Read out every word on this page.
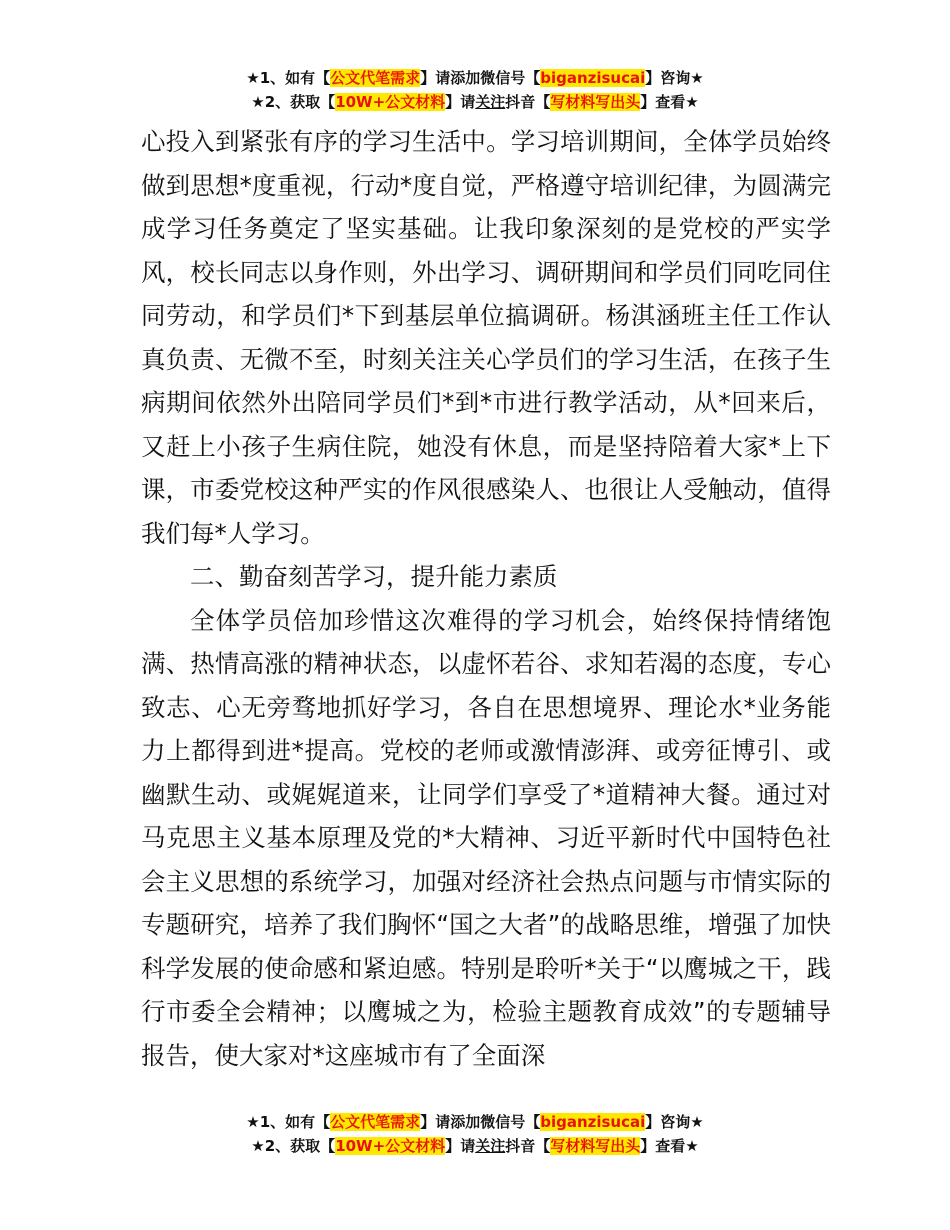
★1、如有【公文代笔需求】请添加微信号【biganzisucai】咨询★
★2、获取【10W+公文材料】请关注抖音【写材料写出头】查看★

心投入到紧张有序的学习生活中。学习培训期间，全体学员始终做到思想*度重视，行动*度自觉，严格遵守培训纪律，为圆满完成学习任务奠定了坚实基础。让我印象深刻的是党校的严实学风，校长同志以身作则，外出学习、调研期间和学员们同吃同住同劳动，和学员们*下到基层单位搞调研。杨淇涵班主任工作认真负责、无微不至，时刻关注关心学员们的学习生活，在孩子生病期间依然外出陪同学员们*到*市进行教学活动，从*回来后，又赶上小孩子生病住院，她没有休息，而是坚持陪着大家*上下课，市委党校这种严实的作风很感染人、也很让人受触动，值得我们每*人学习。

二、勤奋刻苦学习，提升能力素质

全体学员倍加珍惜这次难得的学习机会，始终保持情绪饱满、热情高涨的精神状态，以虚怀若谷、求知若渴的态度，专心致志、心无旁骛地抓好学习，各自在思想境界、理论水*业务能力上都得到进*提高。党校的老师或激情澎湃、或旁征博引、或幽默生动、或娓娓道来，让同学们享受了*道精神大餐。通过对马克思主义基本原理及党的*大精神、习近平新时代中国特色社会主义思想的系统学习，加强对经济社会热点问题与市情实际的专题研究，培养了我们胸怀“国之大者”的战略思维，增强了加快科学发展的使命感和紧迫感。特别是聆听*关于“以鹰城之干，践行市委全会精神；以鹰城之为，检验主题教育成效”的专题辅导报告，使大家对*这座城市有了全面深

★1、如有【公文代笔需求】请添加微信号【biganzisucai】咨询★
★2、获取【10W+公文材料】请关注抖音【写材料写出头】查看★
